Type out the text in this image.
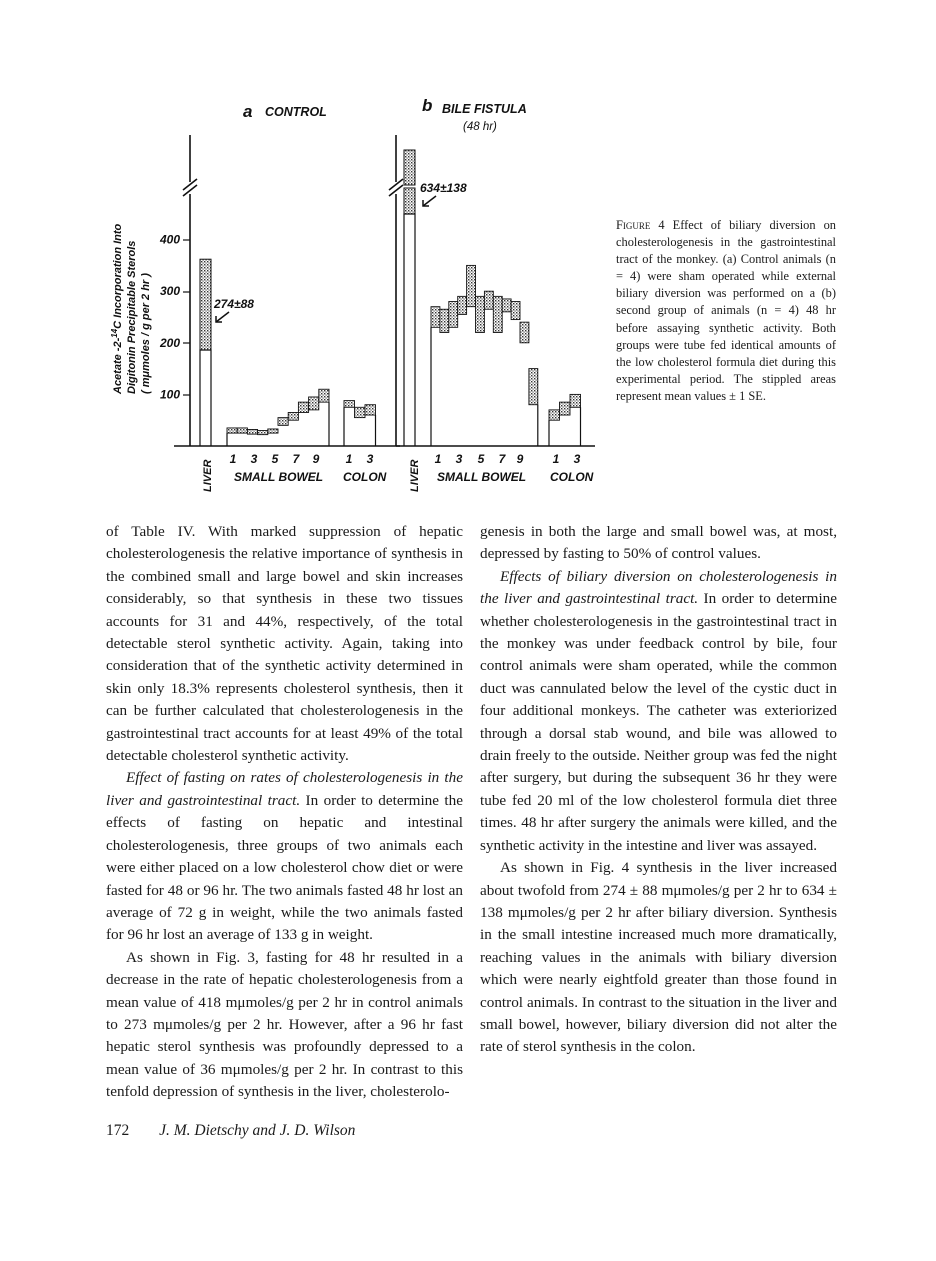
a CONTROL	b BILE FISTULA
(48 hr)
Acetate -2-$^{14}$C Incorporation Into Digitonin Precipitable Sterols ( mμmoles / g per 2 hr )
100
200
300
400
274±88
634±138
LIVER	LIVER
1 3 5 7 9 1 3	1 3 5 7 9 1 3
SMALL BOWEL COLON	SMALL BOWEL COLON
Figure 4 Effect of biliary diversion on cholesterologenesis in the gastrointestinal tract of the monkey. (a) Control animals (n = 4) were sham operated while external biliary diversion was performed on a (b) second group of animals (n = 4) 48 hr before assaying synthetic activity. Both groups were tube fed identical amounts of the low cholesterol formula diet during this experimental period. The stippled areas represent mean values ± 1 SE.

of Table IV. With marked suppression of hepatic cholesterologenesis the relative importance of synthesis in the combined small and large bowel and skin increases considerably, so that synthesis in these two tissues accounts for 31 and 44%, respectively, of the total detectable sterol synthetic activity. Again, taking into consideration that of the synthetic activity determined in skin only 18.3% represents cholesterol synthesis, then it can be further calculated that cholesterologenesis in the gastrointestinal tract accounts for at least 49% of the total detectable cholesterol synthetic activity.

Effect of fasting on rates of cholesterologenesis in the liver and gastrointestinal tract. In order to determine the effects of fasting on hepatic and intestinal cholesterologenesis, three groups of two animals each were either placed on a low cholesterol chow diet or were fasted for 48 or 96 hr. The two animals fasted 48 hr lost an average of 72 g in weight, while the two animals fasted for 96 hr lost an average of 133 g in weight.

As shown in Fig. 3, fasting for 48 hr resulted in a decrease in the rate of hepatic cholesterologenesis from a mean value of 418 mμmoles/g per 2 hr in control animals to 273 mμmoles/g per 2 hr. However, after a 96 hr fast hepatic sterol synthesis was profoundly depressed to a mean value of 36 mμmoles/g per 2 hr. In contrast to this tenfold depression of synthesis in the liver, cholesterolo-

genesis in both the large and small bowel was, at most, depressed by fasting to 50% of control values.

Effects of biliary diversion on cholesterologenesis in the liver and gastrointestinal tract. In order to determine whether cholesterologenesis in the gastrointestinal tract in the monkey was under feedback control by bile, four control animals were sham operated, while the common duct was cannulated below the level of the cystic duct in four additional monkeys. The catheter was exteriorized through a dorsal stab wound, and bile was allowed to drain freely to the outside. Neither group was fed the night after surgery, but during the subsequent 36 hr they were tube fed 20 ml of the low cholesterol formula diet three times. 48 hr after surgery the animals were killed, and the synthetic activity in the intestine and liver was assayed.

As shown in Fig. 4 synthesis in the liver increased about twofold from 274 ± 88 mμmoles/g per 2 hr to 634 ± 138 mμmoles/g per 2 hr after biliary diversion. Synthesis in the small intestine increased much more dramatically, reaching values in the animals with biliary diversion which were nearly eightfold greater than those found in control animals. In contrast to the situation in the liver and small bowel, however, biliary diversion did not alter the rate of sterol synthesis in the colon.

172 J. M. Dietschy and J. D. Wilson
